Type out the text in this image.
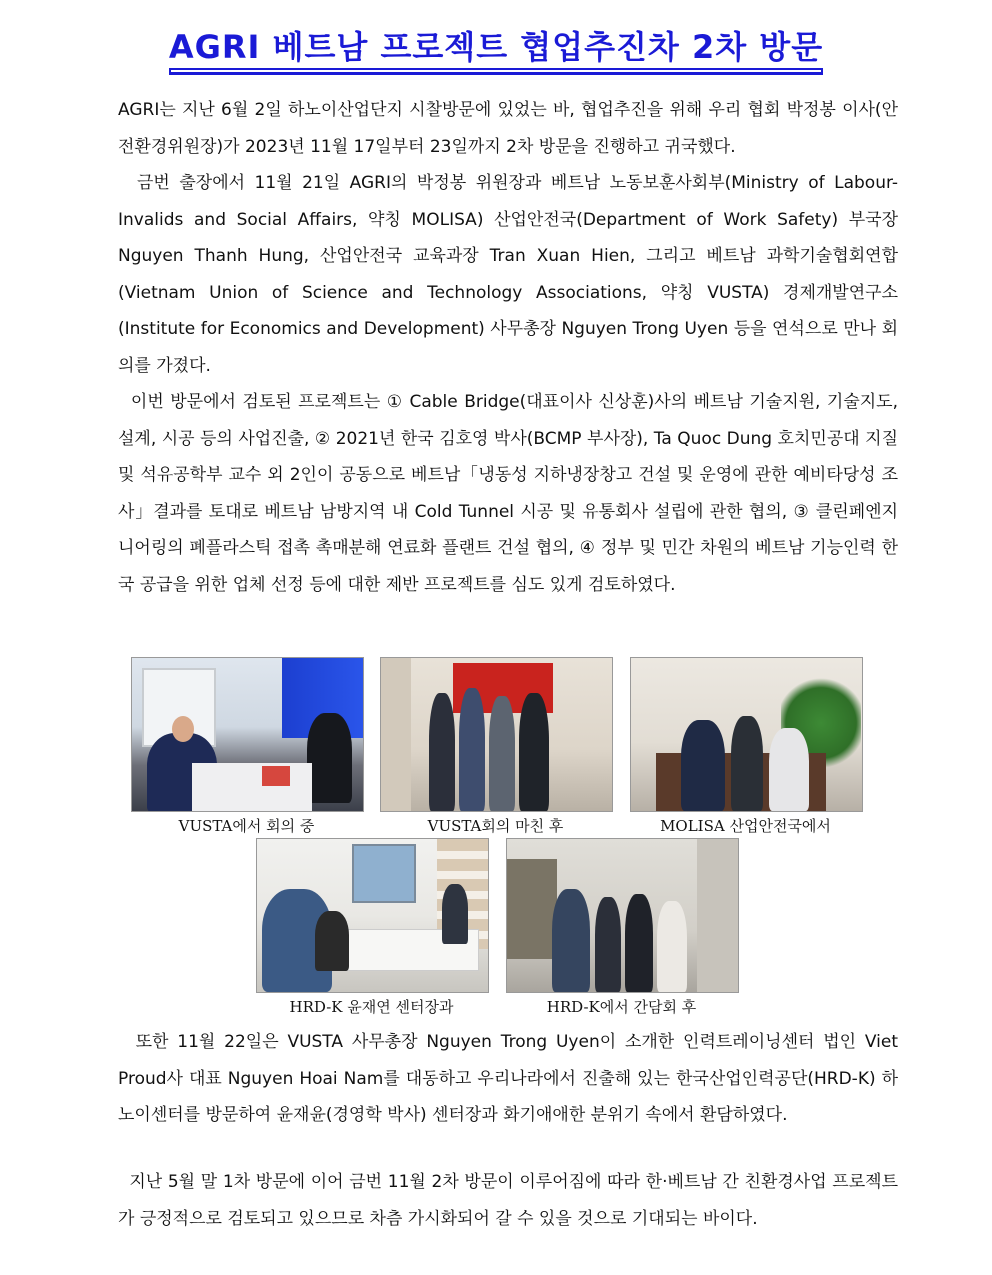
AGRI 베트남 프로젝트 협업추진차 2차 방문
AGRI는 지난 6월 2일 하노이산업단지 시찰방문에 있었는 바, 협업추진을 위해 우리 협회 박정봉 이사(안전환경위원장)가 2023년 11월 17일부터 23일까지 2차 방문을 진행하고 귀국했다.
금번 출장에서 11월 21일 AGRI의 박정봉 위원장과 베트남 노동보훈사회부(Ministry of Labour-Invalids and Social Affairs, 약칭 MOLISA) 산업안전국(Department of Work Safety) 부국장 Nguyen Thanh Hung, 산업안전국 교육과장 Tran Xuan Hien, 그리고 베트남 과학기술협회연합(Vietnam Union of Science and Technology Associations, 약칭 VUSTA) 경제개발연구소(Institute for Economics and Development) 사무총장 Nguyen Trong Uyen 등을 연석으로 만나 회의를 가졌다.
이번 방문에서 검토된 프로젝트는 ① Cable Bridge(대표이사 신상훈)사의 베트남 기술지원, 기술지도, 설계, 시공 등의 사업진출, ② 2021년 한국 김호영 박사(BCMP 부사장), Ta Quoc Dung 호치민공대 지질 및 석유공학부 교수 외 2인이 공동으로 베트남「냉동성 지하냉장창고 건설 및 운영에 관한 예비타당성 조사」결과를 토대로 베트남 남방지역 내 Cold Tunnel 시공 및 유통회사 설립에 관한 협의, ③ 클린페엔지니어링의 폐플라스틱 접촉 촉매분해 연료화 플랜트 건설 협의, ④ 정부 및 민간 차원의 베트남 기능인력 한국 공급을 위한 업체 선정 등에 대한 제반 프로젝트를 심도 있게 검토하였다.
VUSTA에서 회의 중	VUSTA회의 마친 후	MOLISA 산업안전국에서
HRD-K 윤재연 센터장과	HRD-K에서 간담회 후
또한 11월 22일은 VUSTA 사무총장 Nguyen Trong Uyen이 소개한 인력트레이닝센터 법인 Viet Proud사 대표 Nguyen Hoai Nam를 대동하고 우리나라에서 진출해 있는 한국산업인력공단(HRD-K) 하노이센터를 방문하여 윤재윤(경영학 박사) 센터장과 화기애애한 분위기 속에서 환담하였다.
지난 5월 말 1차 방문에 이어 금번 11월 2차 방문이 이루어짐에 따라 한·베트남 간 친환경사업 프로젝트가 긍정적으로 검토되고 있으므로 차츰 가시화되어 갈 수 있을 것으로 기대되는 바이다.
